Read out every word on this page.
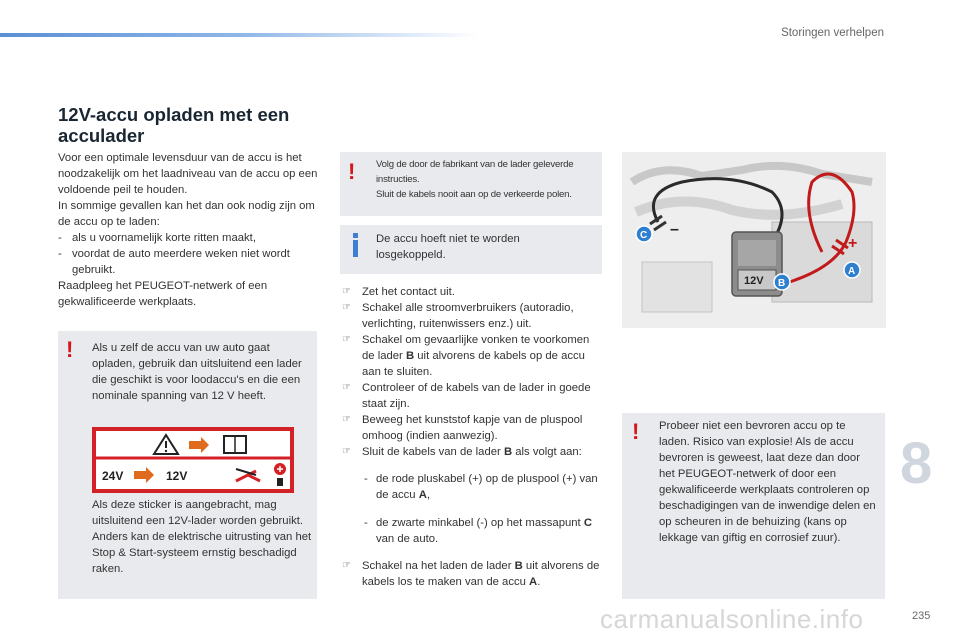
Storingen verhelpen
8
235
carmanualsonline.info
12V-accu opladen met een acculader

Voor een optimale levensduur van de accu is het noodzakelijk om het laadniveau van de accu op een voldoende peil te houden.

In sommige gevallen kan het dan ook nodig zijn om de accu op te laden:

- als u voornamelijk korte ritten maakt,

- voordat de auto meerdere weken niet wordt gebruikt.

Raadpleeg het PEUGEOT-netwerk of een gekwalificeerde werkplaats.

! Als u zelf de accu van uw auto gaat opladen, gebruik dan uitsluitend een lader die geschikt is voor loodaccu's en die een nominale spanning van 12 V heeft.
Als deze sticker is aangebracht, mag uitsluitend een 12V-lader worden gebruikt. Anders kan de elektrische uitrusting van het Stop & Start-systeem ernstig beschadigd raken.
24V	12V
! Volg de door de fabrikant van de lader geleverde instructies.
Sluit de kabels nooit aan op de verkeerde polen.
De accu hoeft niet te worden losgekoppeld.

☞ Zet het contact uit.

☞ Schakel alle stroomverbruikers (autoradio, verlichting, ruitenwissers enz.) uit.

☞ Schakel om gevaarlijke vonken te voorkomen de lader B uit alvorens de kabels op de accu aan te sluiten.

☞ Controleer of de kabels van de lader in goede staat zijn.

☞ Beweeg het kunststof kapje van de pluspool omhoog (indien aanwezig).

☞ Sluit de kabels van de lader B als volgt aan:

- de rode pluskabel (+) op de pluspool (+) van de accu A,

- de zwarte minkabel (-) op het massapunt C van de auto.

☞ Schakel na het laden de lader B uit alvorens de kabels los te maken van de accu A.

12V
–
+
C
B
A
! Probeer niet een bevroren accu op te laden. Risico van explosie! Als de accu bevroren is geweest, laat deze dan door het PEUGEOT-netwerk of door een gekwalificeerde werkplaats controleren op beschadigingen van de inwendige delen en op scheuren in de behuizing (kans op lekkage van giftig en corrosief zuur).
